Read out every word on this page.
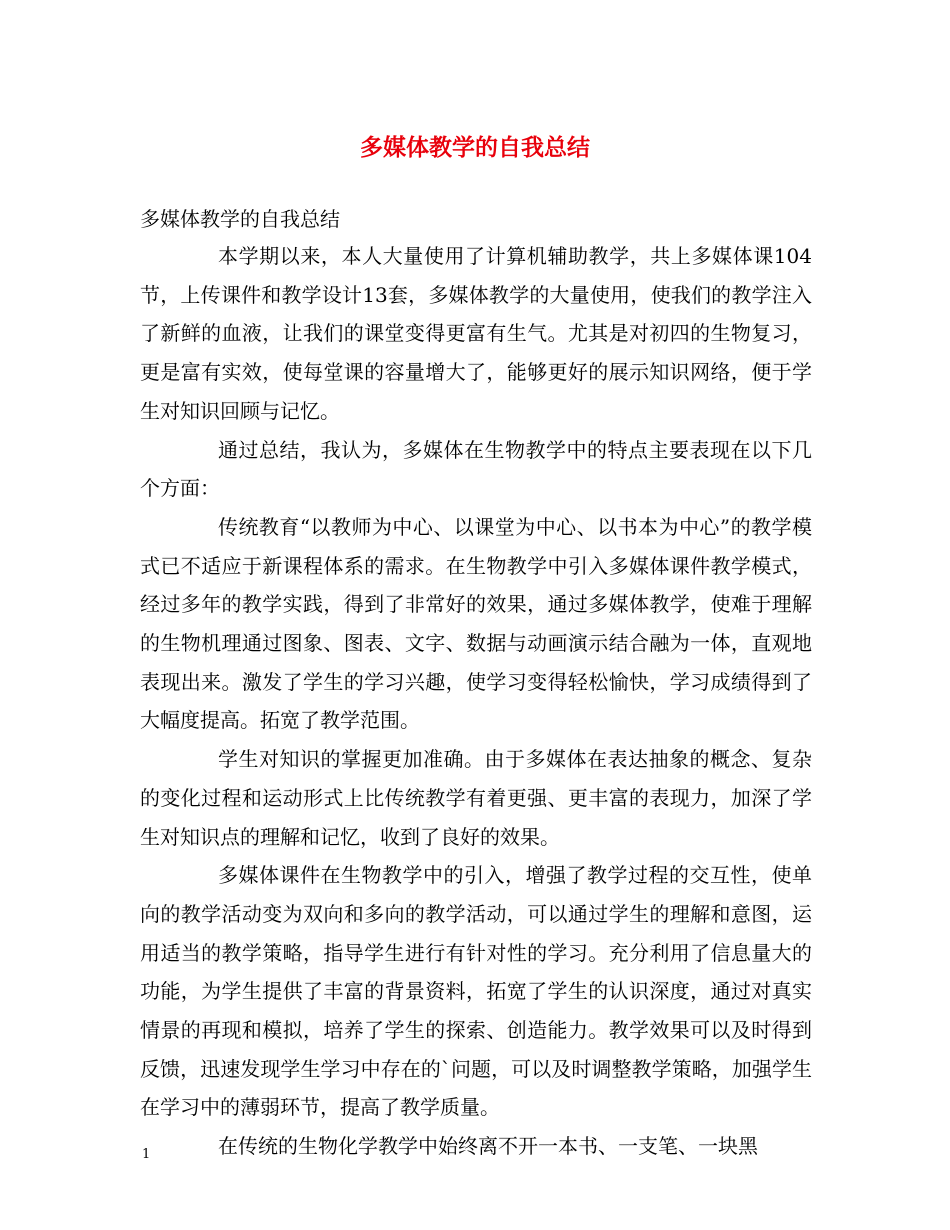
多媒体教学的自我总结
多媒体教学的自我总结

本学期以来，本人大量使用了计算机辅助教学，共上多媒体课104节，上传课件和教学设计13套，多媒体教学的大量使用，使我们的教学注入了新鲜的血液，让我们的课堂变得更富有生气。尤其是对初四的生物复习，更是富有实效，使每堂课的容量增大了，能够更好的展示知识网络，便于学生对知识回顾与记忆。

通过总结，我认为，多媒体在生物教学中的特点主要表现在以下几个方面：

传统教育“以教师为中心、以课堂为中心、以书本为中心”的教学模式已不适应于新课程体系的需求。在生物教学中引入多媒体课件教学模式，经过多年的教学实践，得到了非常好的效果，通过多媒体教学，使难于理解的生物机理通过图象、图表、文字、数据与动画演示结合融为一体，直观地表现出来。激发了学生的学习兴趣，使学习变得轻松愉快，学习成绩得到了大幅度提高。拓宽了教学范围。

学生对知识的掌握更加准确。由于多媒体在表达抽象的概念、复杂的变化过程和运动形式上比传统教学有着更强、更丰富的表现力，加深了学生对知识点的理解和记忆，收到了良好的效果。

多媒体课件在生物教学中的引入，增强了教学过程的交互性，使单向的教学活动变为双向和多向的教学活动，可以通过学生的理解和意图，运用适当的教学策略，指导学生进行有针对性的学习。充分利用了信息量大的功能，为学生提供了丰富的背景资料，拓宽了学生的认识深度，通过对真实情景的再现和模拟，培养了学生的探索、创造能力。教学效果可以及时得到反馈，迅速发现学生学习中存在的`问题，可以及时调整教学策略，加强学生在学习中的薄弱环节，提高了教学质量。

在传统的生物化学教学中始终离不开一本书、一支笔、一块黑

1
